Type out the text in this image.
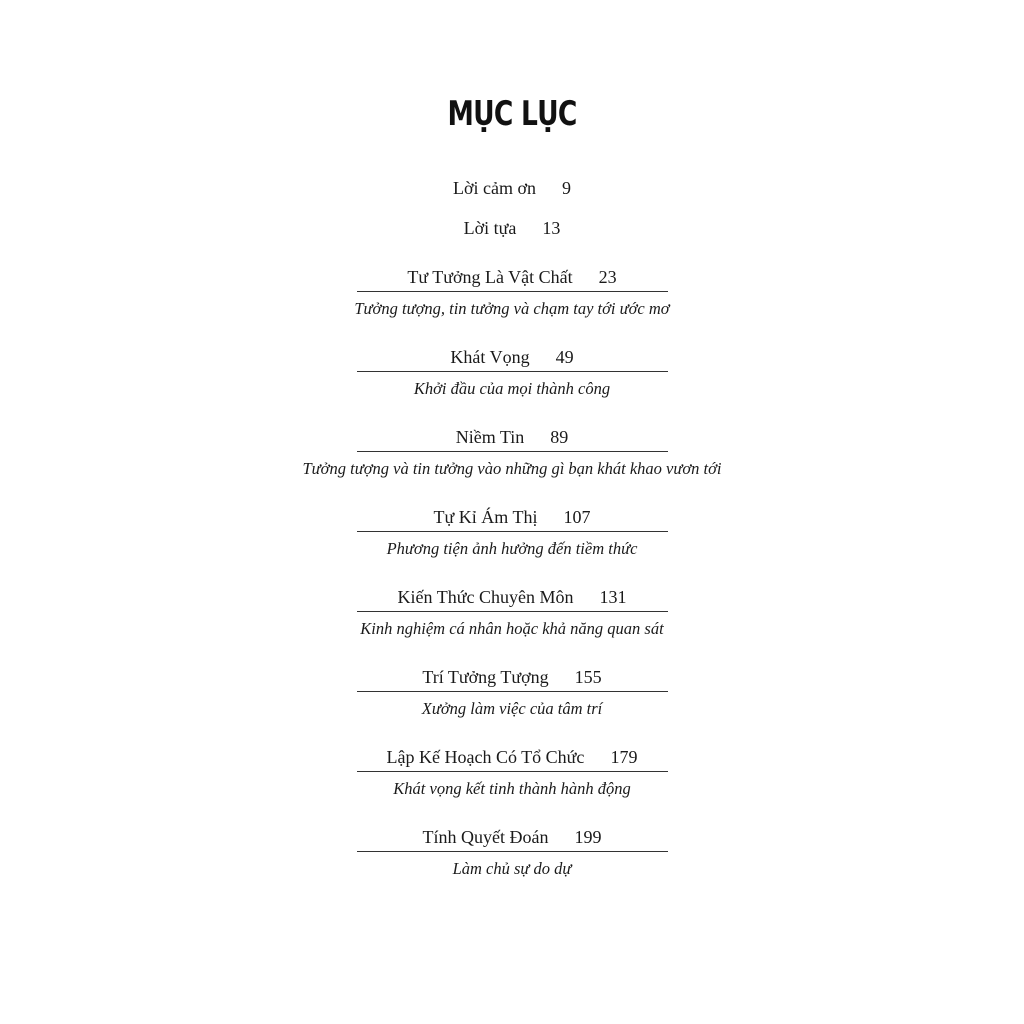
MỤC LỤC
Lời cảm ơn 9
Lời tựa 13
Tư Tưởng Là Vật Chất 23
Tưởng tượng, tin tưởng và chạm tay tới ước mơ
Khát Vọng 49
Khởi đầu của mọi thành công
Niềm Tin 89
Tưởng tượng và tin tưởng vào những gì bạn khát khao vươn tới
Tự Kỉ Ám Thị 107
Phương tiện ảnh hưởng đến tiềm thức
Kiến Thức Chuyên Môn 131
Kinh nghiệm cá nhân hoặc khả năng quan sát
Trí Tưởng Tượng 155
Xưởng làm việc của tâm trí
Lập Kế Hoạch Có Tổ Chức 179
Khát vọng kết tinh thành hành động
Tính Quyết Đoán 199
Làm chủ sự do dự
